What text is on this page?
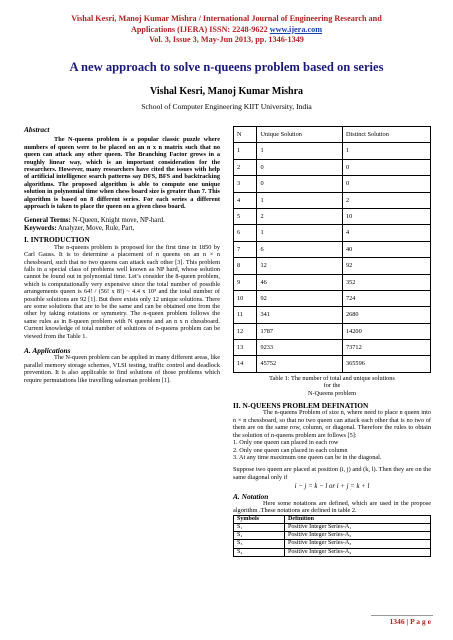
Vishal Kesri, Manoj Kumar Mishra / International Journal of Engineering Research and
Applications (IJERA) ISSN: 2248-9622 www.ijera.com
Vol. 3, Issue 3, May-Jun 2013, pp. 1346-1349
A new approach to solve n-queens problem based on series
Vishal Kesri, Manoj Kumar Mishra
School of Computer Engineering KIIT University, India
Abstract

The N-queens problem is a popular classic puzzle where numbers of queen were to be placed on an n x n matrix such that no queen can attack any other queen. The Branching Factor grows in a roughly linear way, which is an important consideration for the researchers. However, many researchers have cited the issues with help of artificial intelligence search patterns say DFS, BFS and backtracking algorithms. The proposed algorithm is able to compute one unique solution in polynomial time when chess board size is greater than 7. This algorithm is based on 8 different series. For each series a different approach is taken to place the queen on a given chess board.

General Terms: N-Queen, Knight move, NP-hard.

Keywords: Analyzer, Move, Rule, Part,

I. INTRODUCTION

The n-queens problem is proposed for the first time in 1850 by Carl Gauss. It is to determine a placement of n queens on an n × n chessboard, such that no two queens can attack each other [3]. This problem falls in a special class of problems well known as NP hard, whose solution cannot be found out in polynomial time. Let’s consider the 8-queen problem, which is computationally very expensive since the total number of possible arrangements queen is 64! / (56! x 8!) ~ 4.4 x 10⁹ and the total number of possible solutions are 92 [1]. But there exists only 12 unique solutions. There are some solutions that are to be the same and can be obtained one from the other by taking rotations or symmetry. The n-queen problem follows the same rules as in 8-queen problem with N queens and an n x n chessboard. Current knowledge of total number of solutions of n-queens problem can be viewed from the Table 1.

A. Applications

The N-queen problem can be applied in many different areas, like parallel memory storage schemes, VLSI testing, traffic control and deadlock prevention. It is also applicable to find solutions of those problems which require permutations like travelling salesman problem [1].

N	Unique Solution	Distinct Solution
1	1	1
2	0	0
3	0	0
4	1	2
5	2	10
6	1	4
7	6	40
8	12	92
9	46	352
10	92	724
11	341	2680
12	1787	14200
13	9233	73712
14	45752	365596
Table 1: The number of total and unique solutions
for the
N-Queens problem
II. N-QUEENS PROBLEM DEFINATION

The n-queens Problem of size n, where need to place n queen into n × n chessboard, so that no two queen can attack each other that is no two of them are on the same row, column, or diagonal. Therefore the rules to obtain the solution of n-queens problem are follows [5]:

1. Only one queen can placed in each row
2. Only one queen can placed in each column
3. At any time maximum one queen can be in the diagonal.

Suppose two queen are placed at position (i, j) and (k, l). Then they are on the same diagonal only if

i − j = k − l or i + j = k + l
A. Notation

Here some notations are defined, which are used in the propose algorithm .These notations are defined in table 2.

Symbols	Definition
S₁	Positive Integer Series-A₁
S₂	Positive Integer Series-A₂
S₃	Positive Integer Series-A₃
S₄	Positive Integer Series-A₄
1346 | P a g e
